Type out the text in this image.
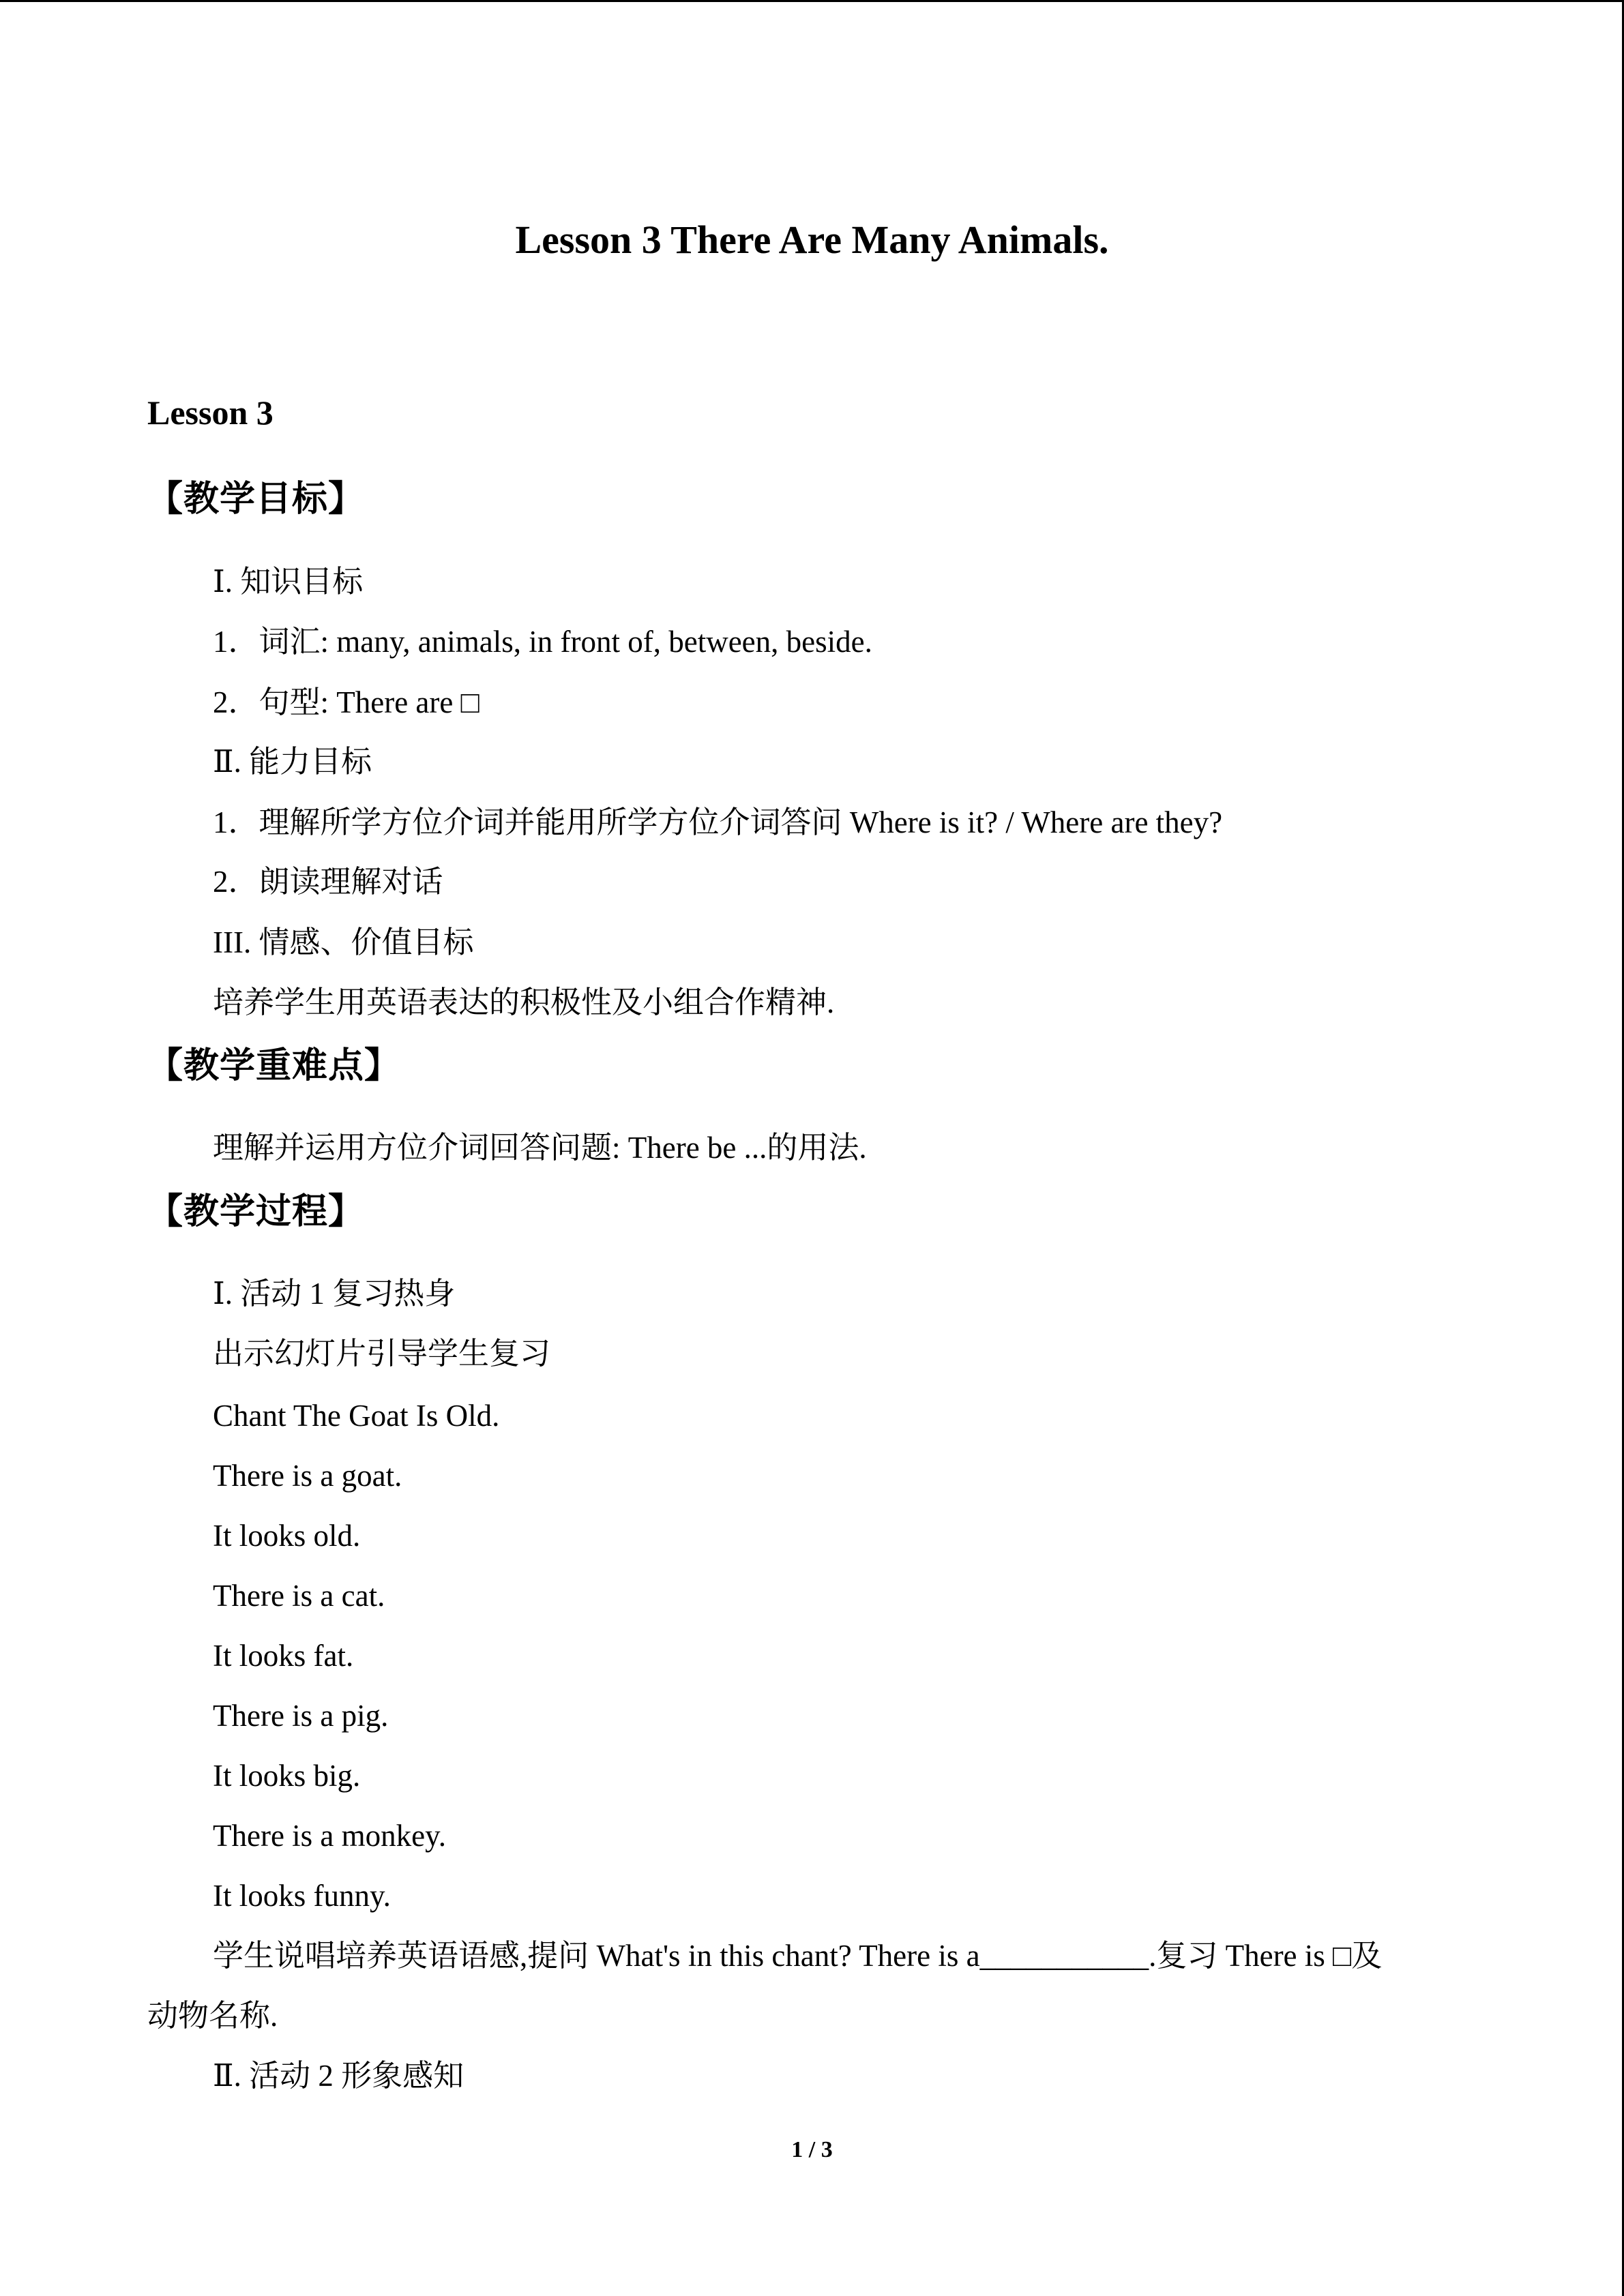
Lesson 3 There Are Many Animals.
Lesson 3
【教学目标】
Ⅰ. 知识目标
1．词汇: many, animals, in front of, between, beside.
2．句型: There are □
Ⅱ. 能力目标
1．理解所学方位介词并能用所学方位介词答问 Where is it? / Where are they?
2．朗读理解对话
III. 情感、价值目标
培养学生用英语表达的积极性及小组合作精神.
【教学重难点】
理解并运用方位介词回答问题: There be ...的用法.
【教学过程】
Ⅰ. 活动 1 复习热身
出示幻灯片引导学生复习
Chant The Goat Is Old.
There is a goat.
It looks old.
There is a cat.
It looks fat.
There is a pig.
It looks big.
There is a monkey.
It looks funny.
学生说唱培养英语语感,提问 What's in this chant? There is a___________.复习 There is □及
动物名称.
Ⅱ. 活动 2 形象感知
1 / 3
